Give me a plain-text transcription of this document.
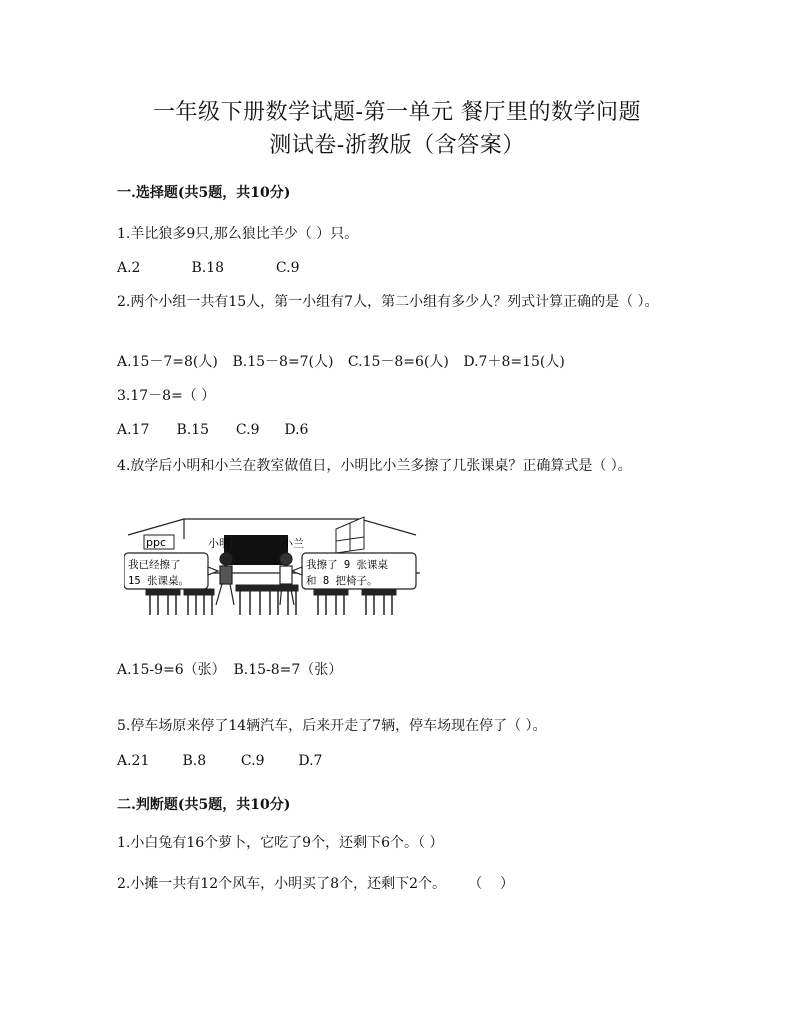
一年级下册数学试题-第一单元 餐厅里的数学问题
测试卷-浙教版（含答案）
一.选择题(共5题，共10分)
1.羊比狼多9只,那么狼比羊少（ ）只。
A.2	B.18	C.9
2.两个小组一共有15人，第一小组有7人，第二小组有多少人？列式计算正确的是（ ）。
A.15－7=8(人) B.15－8=7(人) C.15－8=6(人) D.7＋8=15(人)
3.17－8=（ ）
A.17 B.15 C.9 D.6
4.放学后小明和小兰在教室做值日，小明比小兰多擦了几张课桌？正确算式是（ ）。
ppc	小明	小兰
我已经擦了
15 张课桌。
我擦了 9 张课桌
和 8 把椅子。
A.15-9=6（张） B.15-8=7（张）
5.停车场原来停了14辆汽车，后来开走了7辆，停车场现在停了（ ）。
A.21 B.8 C.9 D.7
二.判断题(共5题，共10分)
1.小白兔有16个萝卜，它吃了9个，还剩下6个。（ ）
2.小摊一共有12个风车，小明买了8个，还剩下2个。     （    ）
